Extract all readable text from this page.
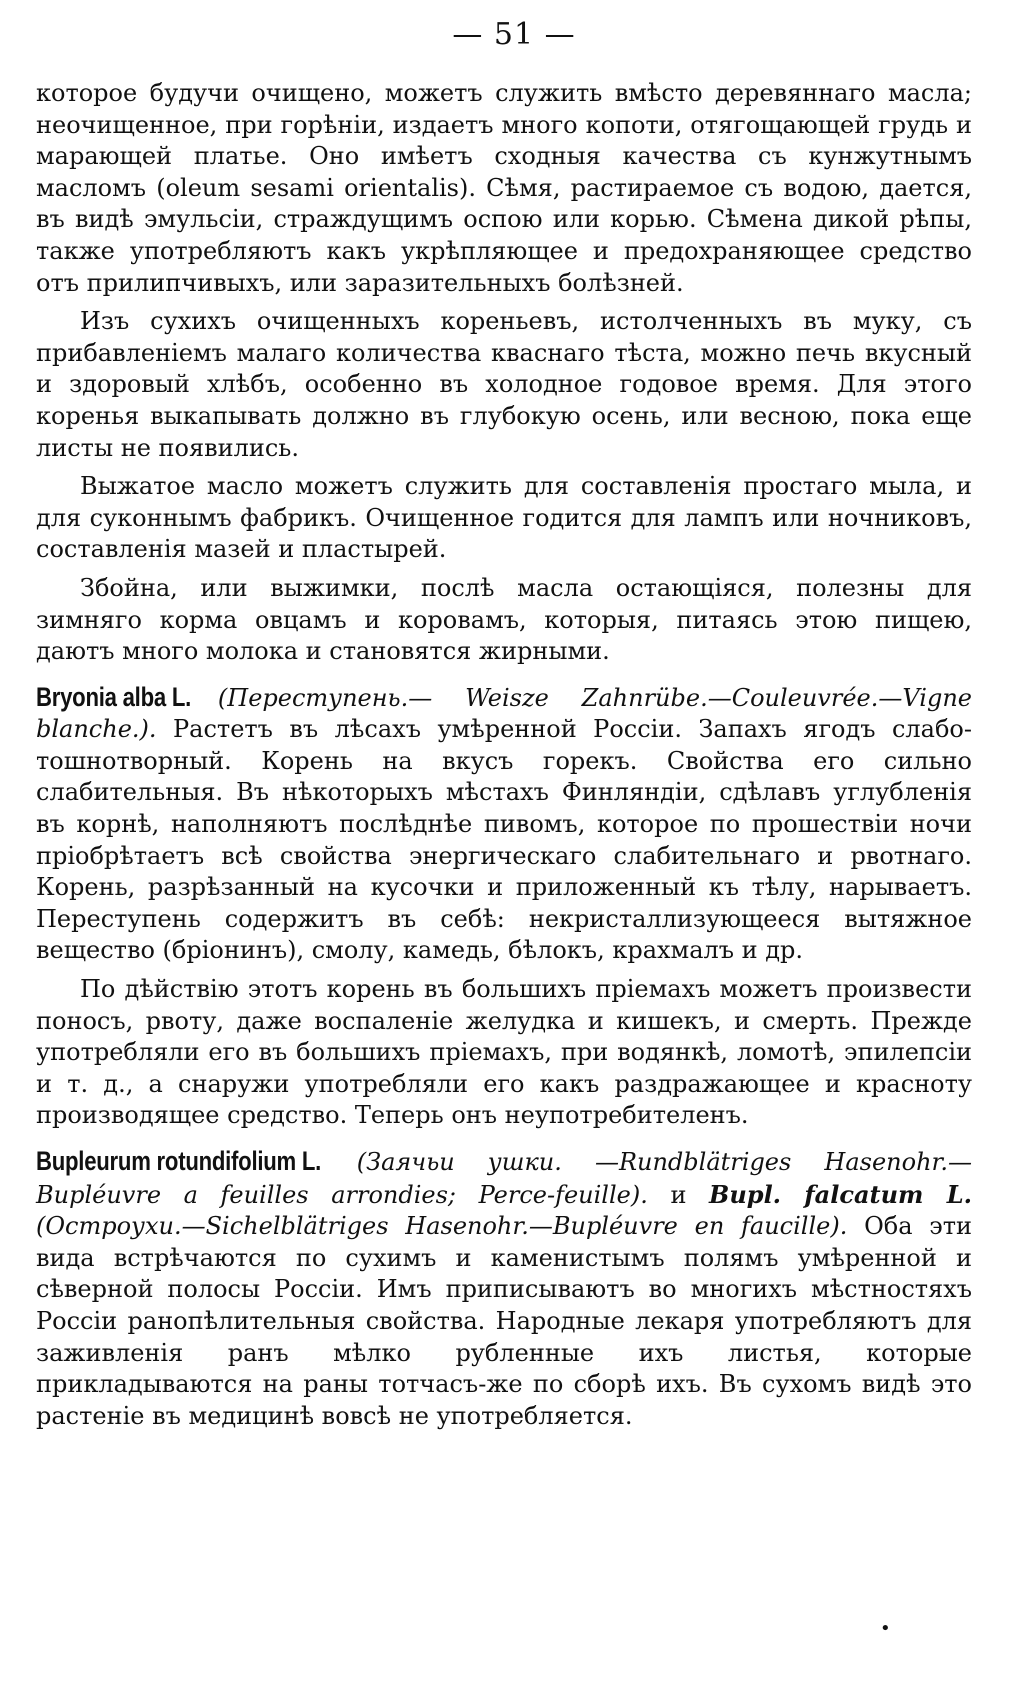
— 51 —

которое будучи очищено, можетъ служить вмѣсто деревяннаго масла; неочищенное, при горѣніи, издаетъ много копоти, отягощающей грудь и марающей платье. Оно имѣетъ сходныя качества съ кунжутнымъ масломъ (oleum sesami orientalis). Сѣмя, растираемое съ водою, дается, въ видѣ эмульсіи, страждущимъ оспою или корью. Сѣмена дикой рѣпы, также употребляютъ какъ укрѣпляющее и предохраняющее средство отъ прилипчивыхъ, или заразительныхъ болѣзней.

Изъ сухихъ очищенныхъ кореньевъ, истолченныхъ въ муку, съ прибавленіемъ малаго количества кваснаго тѣста, можно печь вкусный и здоровый хлѣбъ, особенно въ холодное годовое время. Для этого коренья выкапывать должно въ глубокую осень, или весною, пока еще листы не появились.

Выжатое масло можетъ служить для составленія простаго мыла, и для суконнымъ фабрикъ. Очищенное годится для лампъ или ночниковъ, составленія мазей и пластырей.

Збойна, или выжимки, послѣ масла остающіяся, полезны для зимняго корма овцамъ и коровамъ, которыя, питаясь этою пищею, даютъ много молока и становятся жирными.

Bryonia alba L. (Переступень.— Weisze Zahnrübe.—Couleuvrée.—Vigne blanche.). Растетъ въ лѣсахъ умѣренной Россіи. Запахъ ягодъ слабо-тошнотворный. Корень на вкусъ горекъ. Свойства его сильно слабительныя. Въ нѣкоторыхъ мѣстахъ Финляндіи, сдѣлавъ углубленія въ корнѣ, наполняютъ послѣднѣе пивомъ, которое по прошествіи ночи пріобрѣтаетъ всѣ свойства энергическаго слабительнаго и рвотнаго. Корень, разрѣзанный на кусочки и приложенный къ тѣлу, нарываетъ. Переступень содержитъ въ себѣ: некристаллизующееся вытяжное вещество (бріонинъ), смолу, камедь, бѣлокъ, крахмалъ и др.

По дѣйствію этотъ корень въ большихъ пріемахъ можетъ произвести поносъ, рвоту, даже воспаленіе желудка и кишекъ, и смерть. Прежде употребляли его въ большихъ пріемахъ, при водянкѣ, ломотѣ, эпилепсіи и т. д., а снаружи употребляли его какъ раздражающее и красноту производящее средство. Теперь онъ неупотребителенъ.

Bupleurum rotundifolium L. (Заячьи ушки. —Rundblätriges Hasenohr.—Bupléuvre a feuilles arrondies; Perce-feuille). и Bupl. falcatum L. (Остроухи.—Sichelblätriges Hasenohr.—Bupléuvre en faucille). Оба эти вида встрѣчаются по сухимъ и каменистымъ полямъ умѣренной и сѣверной полосы Россіи. Имъ приписываютъ во многихъ мѣстностяхъ Россіи ранопѣлительныя свойства. Народные лекаря употребляютъ для заживленія ранъ мѣлко рубленные ихъ листья, которые прикладываются на раны тотчасъ-же по сборѣ ихъ. Въ сухомъ видѣ это растеніе въ медицинѣ вовсѣ не употребляется.

•
